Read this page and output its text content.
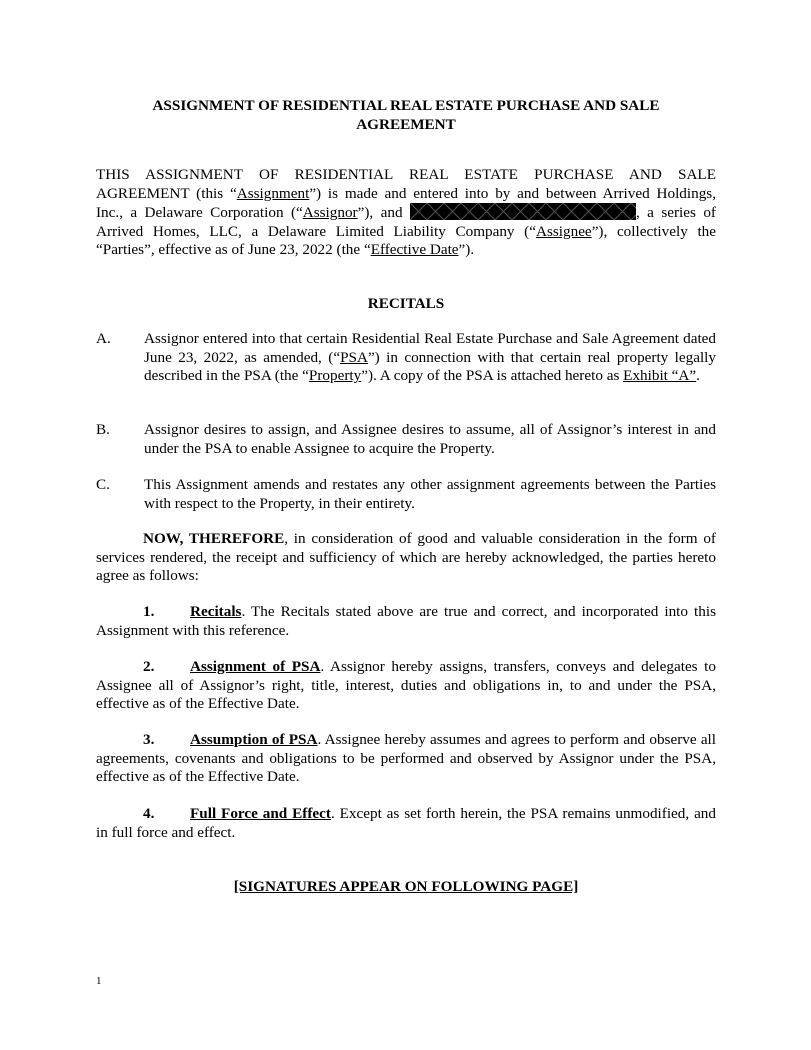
ASSIGNMENT OF RESIDENTIAL REAL ESTATE PURCHASE AND SALE
AGREEMENT
THIS ASSIGNMENT OF RESIDENTIAL REAL ESTATE PURCHASE AND SALE
AGREEMENT (this “Assignment”) is made and entered into by and between Arrived Holdings,
Inc., a Delaware Corporation (“Assignor”), and	, a series of
Arrived Homes, LLC, a Delaware Limited Liability Company (“Assignee”), collectively the
“Parties”, effective as of June 23, 2022 (the “Effective Date”).
RECITALS
A. Assignor entered into that certain Residential Real Estate Purchase and Sale Agreement dated June 23, 2022, as amended, (“PSA”) in connection with that certain real property legally described in the PSA (the “Property”). A copy of the PSA is attached hereto as Exhibit “A”.
B. Assignor desires to assign, and Assignee desires to assume, all of Assignor’s interest in and under the PSA to enable Assignee to acquire the Property.
C. This Assignment amends and restates any other assignment agreements between the Parties with respect to the Property, in their entirety.
NOW, THEREFORE, in consideration of good and valuable consideration in the form of services rendered, the receipt and sufficiency of which are hereby acknowledged, the parties hereto agree as follows:
1. Recitals. The Recitals stated above are true and correct, and incorporated into this Assignment with this reference.
2. Assignment of PSA. Assignor hereby assigns, transfers, conveys and delegates to Assignee all of Assignor’s right, title, interest, duties and obligations in, to and under the PSA, effective as of the Effective Date.
3. Assumption of PSA. Assignee hereby assumes and agrees to perform and observe all agreements, covenants and obligations to be performed and observed by Assignor under the PSA, effective as of the Effective Date.
4. Full Force and Effect. Except as set forth herein, the PSA remains unmodified, and in full force and effect.
[SIGNATURES APPEAR ON FOLLOWING PAGE]
1
